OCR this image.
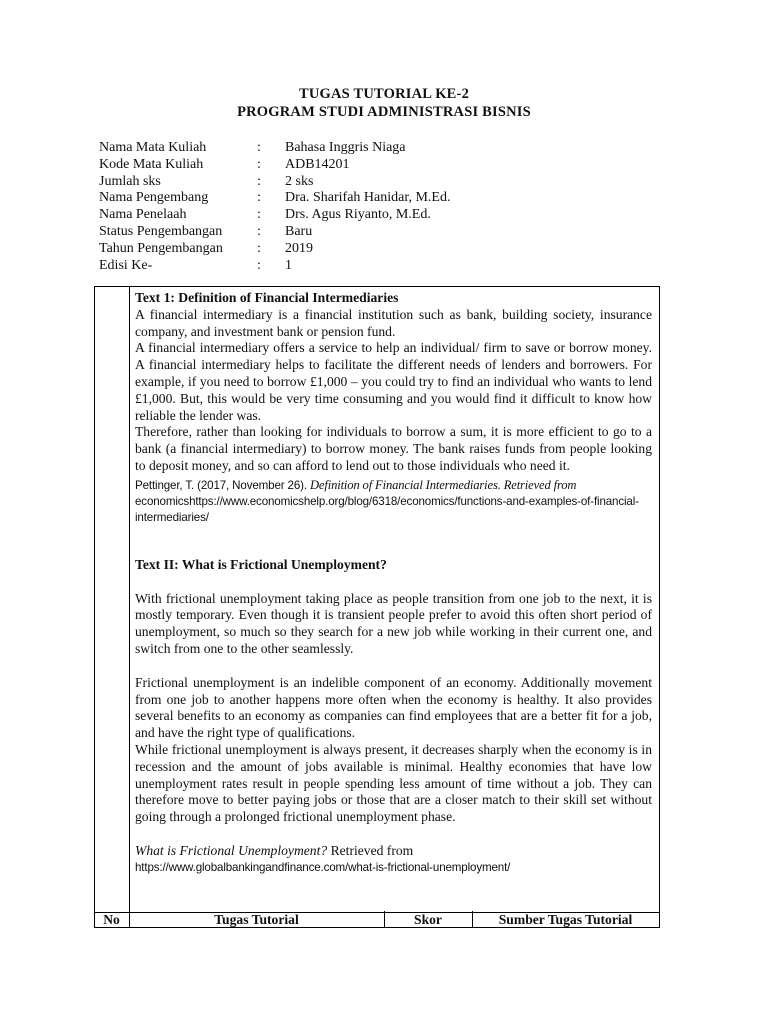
TUGAS TUTORIAL KE-2
PROGRAM STUDI ADMINISTRASI BISNIS
Nama Mata Kuliah	: Bahasa Inggris Niaga
Kode Mata Kuliah	: ADB14201
Jumlah sks	: 2 sks
Nama Pengembang	: Dra. Sharifah Hanidar, M.Ed.
Nama Penelaah	: Drs. Agus Riyanto, M.Ed.
Status Pengembangan : Baru
Tahun Pengembangan : 2019
Edisi Ke-	: 1

Text 1: Definition of Financial Intermediaries

A financial intermediary is a financial institution such as bank, building society, insurance company, and investment bank or pension fund.

A financial intermediary offers a service to help an individual/ firm to save or borrow money. A financial intermediary helps to facilitate the different needs of lenders and borrowers. For example, if you need to borrow £1,000 – you could try to find an individual who wants to lend £1,000. But, this would be very time consuming and you would find it difficult to know how reliable the lender was.

Therefore, rather than looking for individuals to borrow a sum, it is more efficient to go to a bank (a financial intermediary) to borrow money. The bank raises funds from people looking to deposit money, and so can afford to lend out to those individuals who need it.

Pettinger, T. (2017, November 26). Definition of Financial Intermediaries. Retrieved from economicshttps://www.economicshelp.org/blog/6318/economics/functions-and-examples-of-financial-intermediaries/

Text II: What is Frictional Unemployment?

With frictional unemployment taking place as people transition from one job to the next, it is mostly temporary. Even though it is transient people prefer to avoid this often short period of unemployment, so much so they search for a new job while working in their current one, and switch from one to the other seamlessly.

Frictional unemployment is an indelible component of an economy. Additionally movement from one job to another happens more often when the economy is healthy. It also provides several benefits to an economy as companies can find employees that are a better fit for a job, and have the right type of qualifications.

While frictional unemployment is always present, it decreases sharply when the economy is in recession and the amount of jobs available is minimal. Healthy economies that have low unemployment rates result in people spending less amount of time without a job. They can therefore move to better paying jobs or those that are a closer match to their skill set without going through a prolonged frictional unemployment phase.

What is Frictional Unemployment? Retrieved from

https://www.globalbankingandfinance.com/what-is-frictional-unemployment/

No	Tugas Tutorial	Skor	Sumber Tugas Tutorial
